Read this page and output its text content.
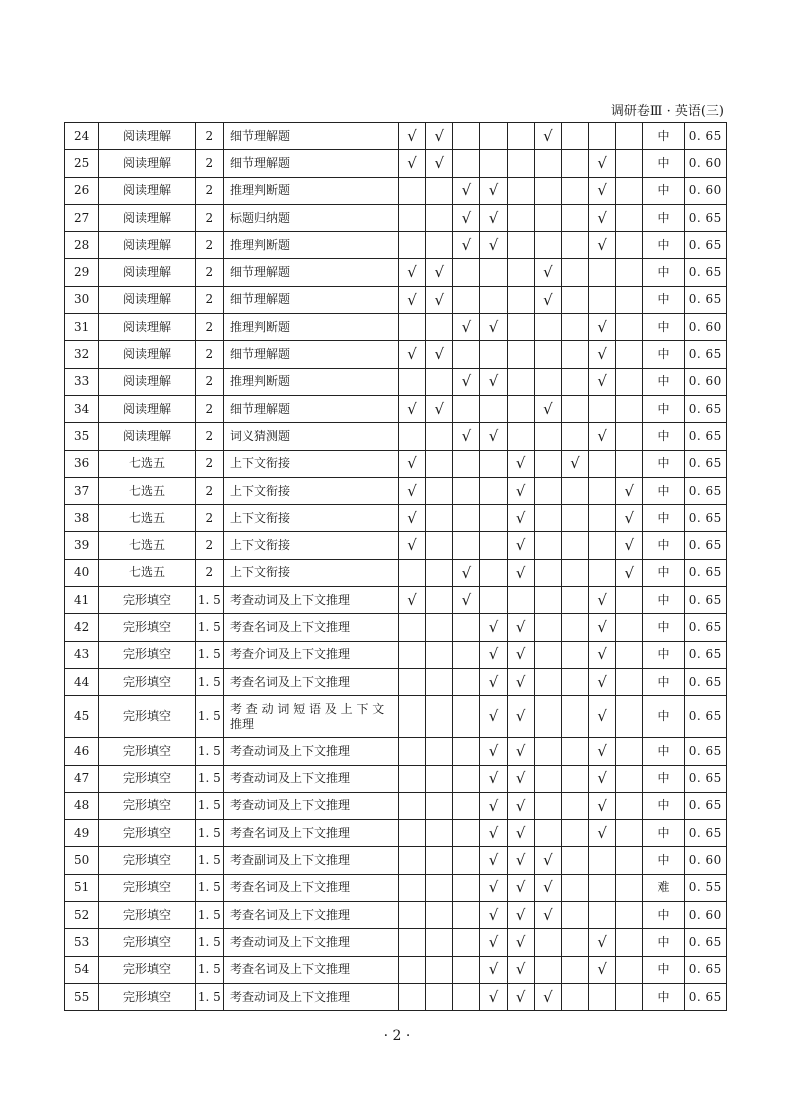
调研卷Ⅲ · 英语(三)
24	阅读理解	2	细节理解题	√	√				√				中	0. 65
25	阅读理解	2	细节理解题	√	√						√		中	0. 60
26	阅读理解	2	推理判断题			√	√				√		中	0. 60
27	阅读理解	2	标题归纳题			√	√				√		中	0. 65
28	阅读理解	2	推理判断题			√	√				√		中	0. 65
29	阅读理解	2	细节理解题	√	√				√				中	0. 65
30	阅读理解	2	细节理解题	√	√				√				中	0. 65
31	阅读理解	2	推理判断题			√	√				√		中	0. 60
32	阅读理解	2	细节理解题	√	√						√		中	0. 65
33	阅读理解	2	推理判断题			√	√				√		中	0. 60
34	阅读理解	2	细节理解题	√	√				√				中	0. 65
35	阅读理解	2	词义猜测题			√	√				√		中	0. 65
36	七选五	2	上下文衔接	√				√		√			中	0. 65
37	七选五	2	上下文衔接	√				√				√	中	0. 65
38	七选五	2	上下文衔接	√				√				√	中	0. 65
39	七选五	2	上下文衔接	√				√				√	中	0. 65
40	七选五	2	上下文衔接			√		√				√	中	0. 65
41	完形填空	1. 5	考查动词及上下文推理	√		√					√		中	0. 65
42	完形填空	1. 5	考查名词及上下文推理				√	√			√		中	0. 65
43	完形填空	1. 5	考查介词及上下文推理				√	√			√		中	0. 65
44	完形填空	1. 5	考查名词及上下文推理				√	√			√		中	0. 65
45	完形填空	1. 5	考 查 动 词 短 语 及 上 下 文 推理				√	√			√		中	0. 65
46	完形填空	1. 5	考查动词及上下文推理				√	√			√		中	0. 65
47	完形填空	1. 5	考查动词及上下文推理				√	√			√		中	0. 65
48	完形填空	1. 5	考查动词及上下文推理				√	√			√		中	0. 65
49	完形填空	1. 5	考查名词及上下文推理				√	√			√		中	0. 65
50	完形填空	1. 5	考查副词及上下文推理				√	√	√				中	0. 60
51	完形填空	1. 5	考查名词及上下文推理				√	√	√				难	0. 55
52	完形填空	1. 5	考查名词及上下文推理				√	√	√				中	0. 60
53	完形填空	1. 5	考查动词及上下文推理				√	√			√		中	0. 65
54	完形填空	1. 5	考查名词及上下文推理				√	√			√		中	0. 65
55	完形填空	1. 5	考查动词及上下文推理				√	√	√				中	0. 65
· 2 ·
